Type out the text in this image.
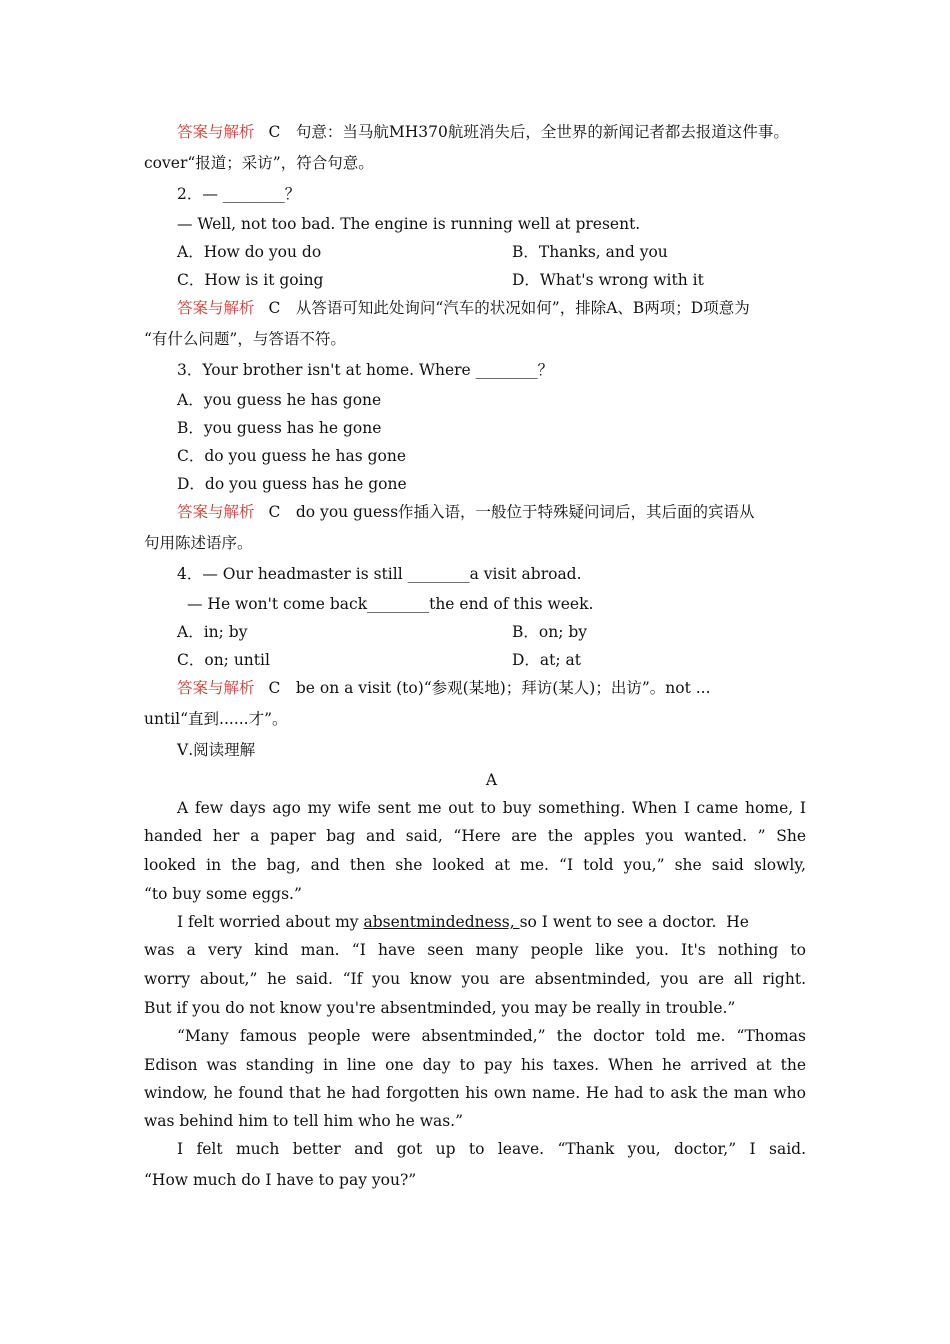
答案与解析 C　句意：当马航MH370航班消失后，全世界的新闻记者都去报道这件事。
cover“报道；采访”，符合句意。
2．— ________？
— Well, not too bad. The engine is running well at present.
A．How do you do	B．Thanks, and you
C．How is it going	D．What's wrong with it
答案与解析 C　从答语可知此处询问“汽车的状况如何”，排除A、B两项；D项意为
“有什么问题”，与答语不符。
3．Your brother isn't at home. Where ________？
A．you guess he has gone
B．you guess has he gone
C．do you guess he has gone
D．do you guess has he gone
答案与解析 C　do you guess作插入语，一般位于特殊疑问词后，其后面的宾语从
句用陈述语序。
4．— Our headmaster is still ________a visit abroad.
— He won't come back________the end of this week.
A．in; by	B．on; by
C．on; until	D．at; at
答案与解析 C　be on a visit (to)“参观(某地)；拜访(某人)；出访”。not ...
until“直到......才”。
Ⅴ.阅读理解
A
A few days ago my wife sent me out to buy something. When I came home, I
handed her a paper bag and said, “Here are the apples you wanted. ” She
looked in the bag, and then she looked at me. “I told you,” she said slowly,
“to buy some eggs.”
I felt worried about my absentmindedness, so I went to see a doctor.  He
was a very kind man. “I have seen many people like you. It's nothing to
worry about,” he said. “If you know you are absentminded, you are all right.
But if you do not know you're absentminded, you may be really in trouble.”
“Many famous people were absentminded,” the doctor told me. “Thomas
Edison was standing in line one day to pay his taxes. When he arrived at the
window, he found that he had forgotten his own name. He had to ask the man who
was behind him to tell him who he was.”
I felt much better and got up to leave. “Thank you, doctor,” I said.
“How much do I have to pay you?”
